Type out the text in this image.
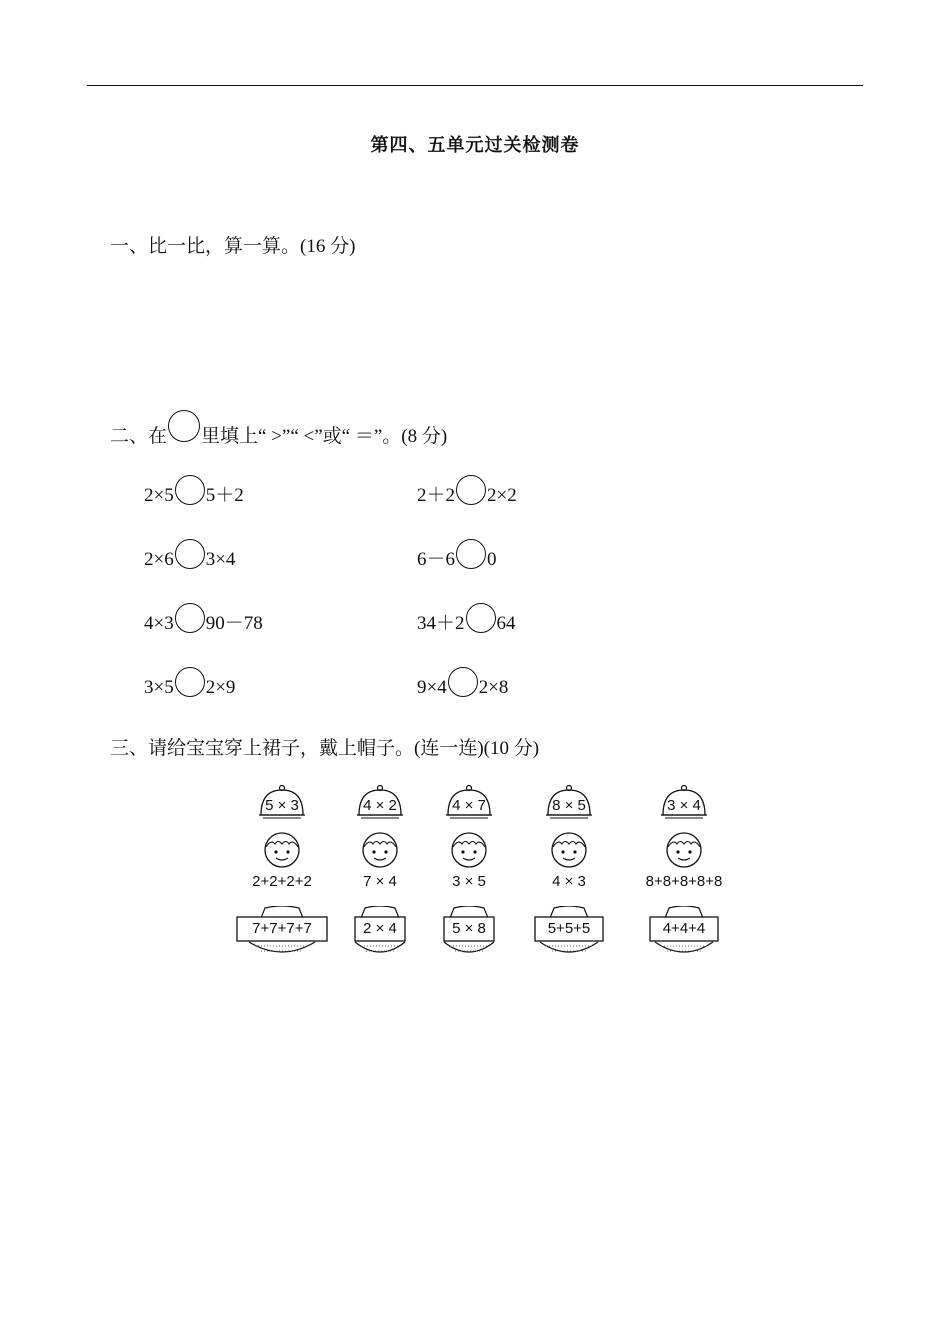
第四、五单元过关检测卷
一、比一比，算一算。(16 分)
二、在 里填上“ >”“ <”或“ ＝”。(8 分)
2×5 5＋2	2＋2 2×2
2×6 3×4	6－6 0
4×3 90－78	34＋2 64
3×5 2×9	9×4 2×8
三、请给宝宝穿上裙子，戴上帽子。(连一连)(10 分)
5 × 3
2+2+2+2
7+7+7+7
4 × 2
7 × 4
2 × 4
4 × 7
3 × 5
5 × 8
8 × 5
4 × 3
5+5+5
3 × 4
8+8+8+8+8
4+4+4
